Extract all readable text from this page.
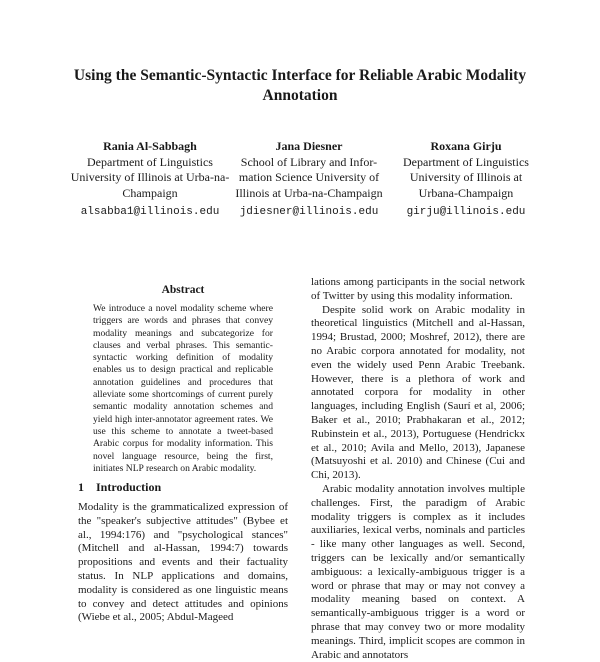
Using the Semantic-Syntactic Interface for Reliable Arabic Modality Annotation
Rania Al-Sabbagh
Department of Linguistics University of Illinois at Urba-na-Champaign
alsabba1@illinois.edu
Jana Diesner
School of Library and Infor-mation Science University of Illinois at Urba-na-Champaign
jdiesner@illinois.edu
Roxana Girju
Department of Linguistics University of Illinois at Urbana-Champaign
girju@illinois.edu
Abstract

We introduce a novel modality scheme where triggers are words and phrases that convey modality meanings and subcategorize for clauses and verbal phrases. This semantic-syntactic working definition of modality enables us to design practical and replicable annotation guidelines and procedures that alleviate some shortcomings of current purely semantic modality annotation schemes and yield high inter-annotator agreement rates. We use this scheme to annotate a tweet-based Arabic corpus for modality information. This novel language resource, being the first, initiates NLP research on Arabic modality.

1 Introduction

Modality is the grammaticalized expression of the "speaker's subjective attitudes" (Bybee et al., 1994:176) and "psychological stances" (Mitchell and al-Hassan, 1994:7) towards propositions and events and their factuality status. In NLP applications and domains, modality is considered as one linguistic means to convey and detect attitudes and opinions (Wiebe et al., 2005; Abdul-Mageed

lations among participants in the social network of Twitter by using this modality information.

Despite solid work on Arabic modality in theoretical linguistics (Mitchell and al-Hassan, 1994; Brustad, 2000; Moshref, 2012), there are no Arabic corpora annotated for modality, not even the widely used Penn Arabic Treebank. However, there is a plethora of work and annotated corpora for modality in other languages, including English (Saurí et al, 2006; Baker et al., 2010; Prabhakaran et al., 2012; Rubinstein et al., 2013), Portuguese (Hendrickx et al., 2010; Avila and Mello, 2013), Japanese (Matsuyoshi et al. 2010) and Chinese (Cui and Chi, 2013).

Arabic modality annotation involves multiple challenges. First, the paradigm of Arabic modality triggers is complex as it includes auxiliaries, lexical verbs, nominals and particles - like many other languages as well. Second, triggers can be lexically and/or semantically ambiguous: a lexically-ambiguous trigger is a word or phrase that may or may not convey a modality meaning based on context. A semantically-ambiguous trigger is a word or phrase that may convey two or more modality meanings. Third, implicit scopes are common in Arabic and annotators
